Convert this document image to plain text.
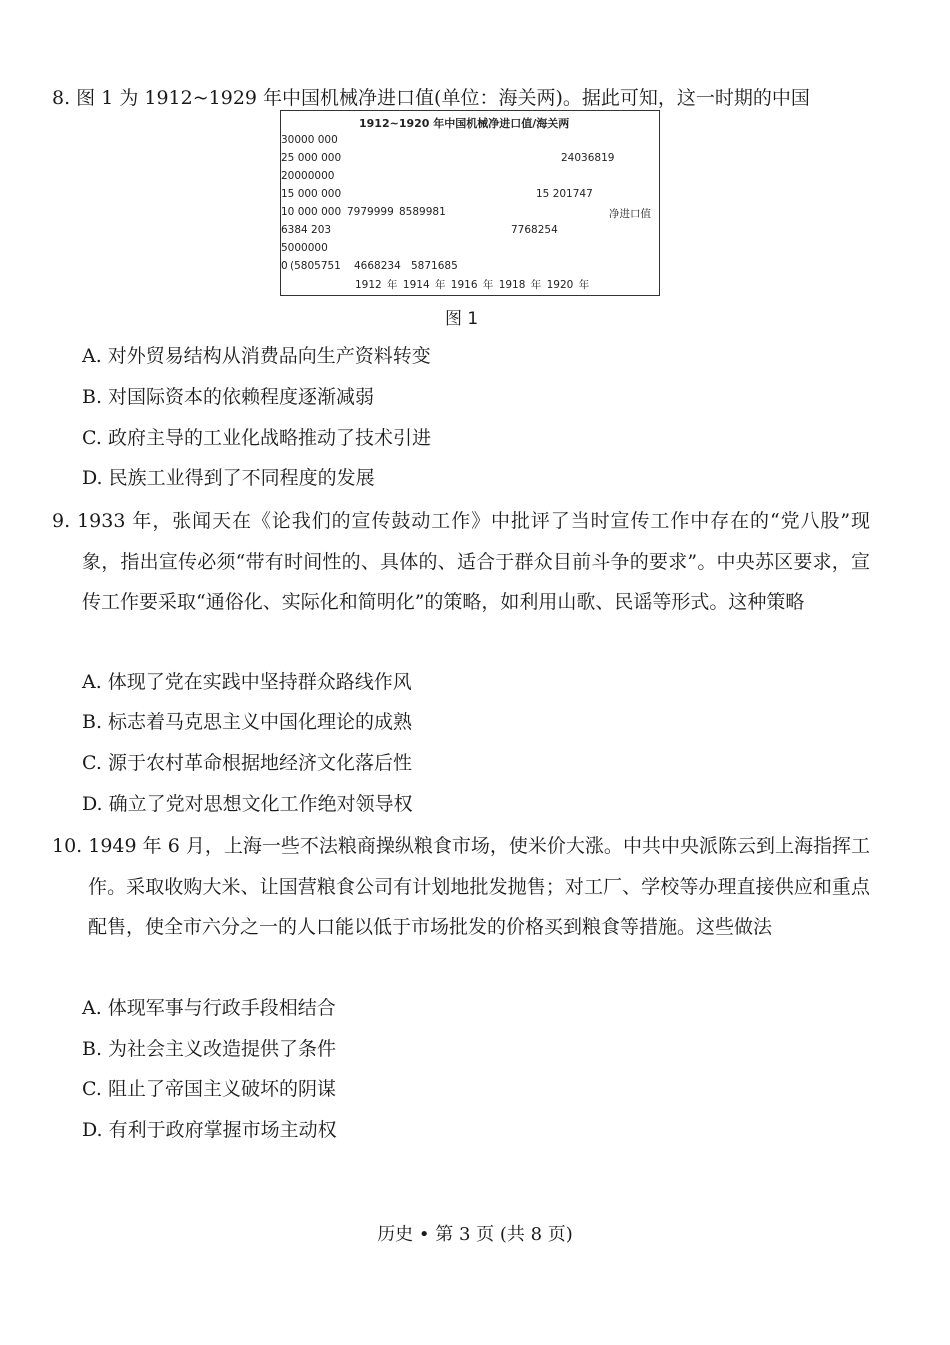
8. 图 1 为 1912~1929 年中国机械净进口值(单位：海关两)。据此可知，这一时期的中国
1912~1920 年中国机械净进口值/海关两
30000 000
25 000 000
20000000
15 000 000
10 000 000
5000000
0
24036819
15 201747
7979999 8589981	净进口值
6384 203	7768254
(5805751 4668234 5871685
1912 年 1914 年 1916 年 1918 年 1920 年
图 1
A. 对外贸易结构从消费品向生产资料转变
B. 对国际资本的依赖程度逐渐减弱
C. 政府主导的工业化战略推动了技术引进
D. 民族工业得到了不同程度的发展
9. 1933 年，张闻天在《论我们的宣传鼓动工作》中批评了当时宣传工作中存在的“党八股”现象，指出宣传必须“带有时间性的、具体的、适合于群众目前斗争的要求”。中央苏区要求，宣传工作要采取“通俗化、实际化和简明化”的策略，如利用山歌、民谣等形式。这种策略
A. 体现了党在实践中坚持群众路线作风
B. 标志着马克思主义中国化理论的成熟
C. 源于农村革命根据地经济文化落后性
D. 确立了党对思想文化工作绝对领导权
10. 1949 年 6 月，上海一些不法粮商操纵粮食市场，使米价大涨。中共中央派陈云到上海指挥工作。采取收购大米、让国营粮食公司有计划地批发抛售；对工厂、学校等办理直接供应和重点配售，使全市六分之一的人口能以低于市场批发的价格买到粮食等措施。这些做法
A. 体现军事与行政手段相结合
B. 为社会主义改造提供了条件
C. 阻止了帝国主义破坏的阴谋
D. 有利于政府掌握市场主动权
历史 • 第 3 页 (共 8 页)
